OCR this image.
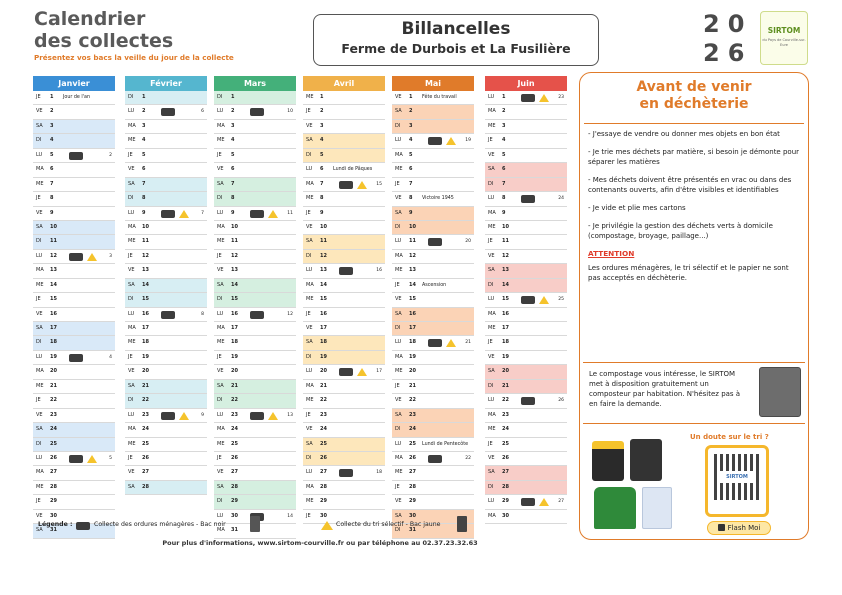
Calendrier
des collectes
Présentez vos bacs la veille du jour de la collecte
Billancelles
Ferme de Durbois et La Fusilière
20
26
SIRTOM
du Pays de Courville-sur-Eure
Janvier
JE 1 Jour de l'an
VE 2
SA 3
DI 4
LU 5	2
MA 6
ME 7
JE 8
VE 9
SA 10
DI 11
LU 12	3
MA 13
ME 14
JE 15
VE 16
SA 17
DI 18
LU 19	4
MA 20
ME 21
JE 22
VE 23
SA 24
DI 25
LU 26	5
MA 27
ME 28
JE 29
VE 30
SA 31
Février
DI 1
LU 2	6
MA 3
ME 4
JE 5
VE 6
SA 7
DI 8
LU 9	7
MA 10
ME 11
JE 12
VE 13
SA 14
DI 15
LU 16	8
MA 17
ME 18
JE 19
VE 20
SA 21
DI 22
LU 23	9
MA 24
ME 25
JE 26
VE 27
SA 28
Mars
DI 1
LU 2	10
MA 3
ME 4
JE 5
VE 6
SA 7
DI 8
LU 9	11
MA 10
ME 11
JE 12
VE 13
SA 14
DI 15
LU 16	12
MA 17
ME 18
JE 19
VE 20
SA 21
DI 22
LU 23	13
MA 24
ME 25
JE 26
VE 27
SA 28
DI 29
LU 30	14
MA 31
Avril
ME 1
JE 2
VE 3
SA 4
DI 5
LU 6 Lundi de Pâques
MA 7	15
ME 8
JE 9
VE 10
SA 11
DI 12
LU 13	16
MA 14
ME 15
JE 16
VE 17
SA 18
DI 19
LU 20	17
MA 21
ME 22
JE 23
VE 24
SA 25
DI 26
LU 27	18
MA 28
ME 29
JE 30
Mai
VE 1 Fête du travail
SA 2
DI 3
LU 4	19
MA 5
ME 6
JE 7
VE 8 Victoire 1945
SA 9
DI 10
LU 11	20
MA 12
ME 13
JE 14 Ascension
VE 15
SA 16
DI 17
LU 18	21
MA 19
ME 20
JE 21
VE 22
SA 23
DI 24
LU 25 Lundi de Pentecôte
MA 26	22
ME 27
JE 28
VE 29
SA 30
DI 31
Juin
LU 1	23
MA 2
ME 3
JE 4
VE 5
SA 6
DI 7
LU 8	24
MA 9
ME 10
JE 11
VE 12
SA 13
DI 14
LU 15	25
MA 16
ME 17
JE 18
VE 19
SA 20
DI 21
LU 22	26
MA 23
ME 24
JE 25
VE 26
SA 27
DI 28
LU 29	27
MA 30
Légende :	Collecte des ordures ménagères - Bac noir	Collecte du tri sélectif - Bac jaune
Pour plus d'informations, www.sirtom-courville.fr ou par téléphone au 02.37.23.32.63
Avant de venir
en déchèterie
- J'essaye de vendre ou donner mes objets en bon état
- Je trie mes déchets par matière, si besoin je démonte pour séparer les matières
- Mes déchets doivent être présentés en vrac ou dans des contenants ouverts, afin d'être visibles et identifiables
- Je vide et plie mes cartons
- Je privilégie la gestion des déchets verts à domicile (compostage, broyage, paillage...)
ATTENTION
Les ordures ménagères, le tri sélectif et le papier ne sont pas acceptés en déchèterie.
Le compostage vous intéresse, le SIRTOM met à disposition gratuitement un composteur par habitation. N'hésitez pas à en faire la demande.
Un doute sur le tri ?
SIRTOM
Flash Moi
